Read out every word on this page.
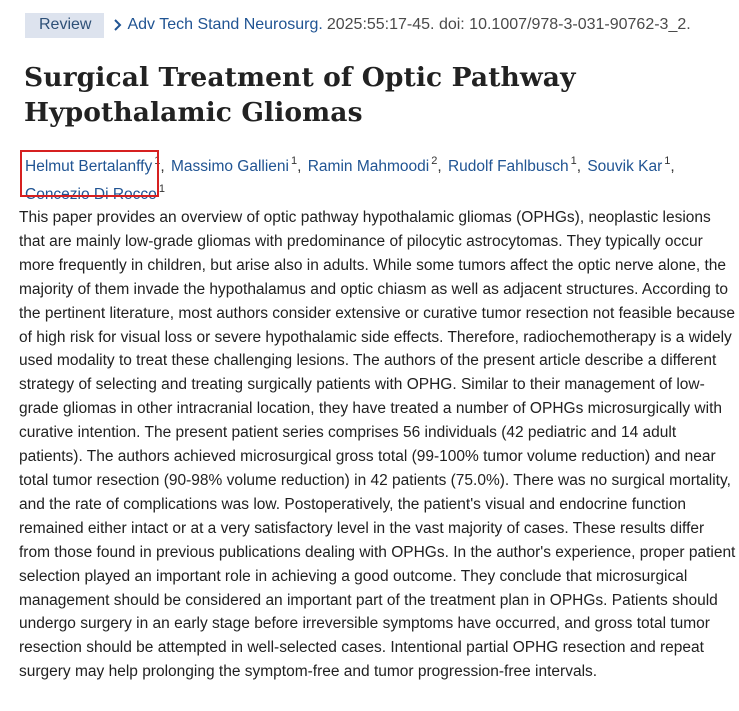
Review	Adv Tech Stand Neurosurg. 2025:55:17-45. doi: 10.1007/978-3-031-90762-3_2.
Surgical Treatment of Optic Pathway Hypothalamic Gliomas
Helmut Bertalanffy $^1$, Massimo Gallieni $^1$, Ramin Mahmoodi $^2$, Rudolf Fahlbusch $^1$, Souvik Kar $^1$,
Concezio Di Rocco $^1$

This paper provides an overview of optic pathway hypothalamic gliomas (OPHGs), neoplastic lesions that are mainly low-grade gliomas with predominance of pilocytic astrocytomas. They typically occur more frequently in children, but arise also in adults. While some tumors affect the optic nerve alone, the majority of them invade the hypothalamus and optic chiasm as well as adjacent structures. According to the pertinent literature, most authors consider extensive or curative tumor resection not feasible because of high risk for visual loss or severe hypothalamic side effects. Therefore, radiochemotherapy is a widely used modality to treat these challenging lesions. The authors of the present article describe a different strategy of selecting and treating surgically patients with OPHG. Similar to their management of low-grade gliomas in other intracranial location, they have treated a number of OPHGs microsurgically with curative intention. The present patient series comprises 56 individuals (42 pediatric and 14 adult patients). The authors achieved microsurgical gross total (99-100% tumor volume reduction) and near total tumor resection (90-98% volume reduction) in 42 patients (75.0%). There was no surgical mortality, and the rate of complications was low. Postoperatively, the patient's visual and endocrine function remained either intact or at a very satisfactory level in the vast majority of cases. These results differ from those found in previous publications dealing with OPHGs. In the author's experience, proper patient selection played an important role in achieving a good outcome. They conclude that microsurgical management should be considered an important part of the treatment plan in OPHGs. Patients should undergo surgery in an early stage before irreversible symptoms have occurred, and gross total tumor resection should be attempted in well-selected cases. Intentional partial OPHG resection and repeat surgery may help prolonging the symptom-free and tumor progression-free intervals.
